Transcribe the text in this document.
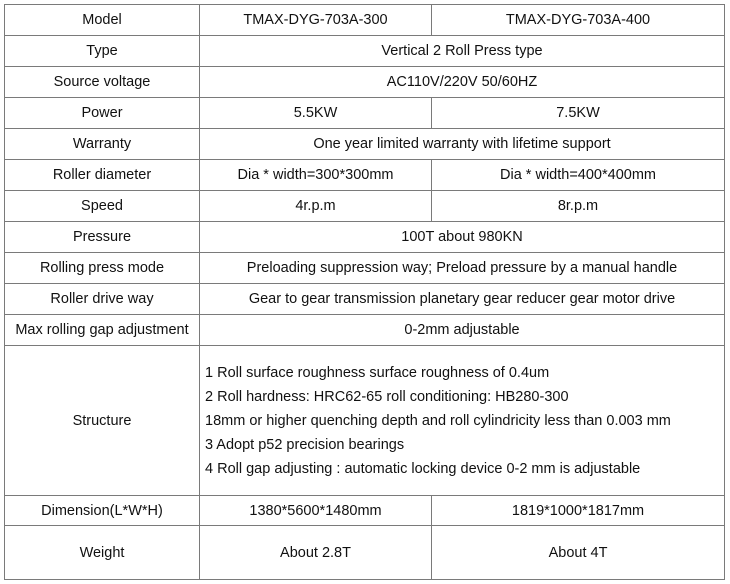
Model	TMAX-DYG-703A-300	TMAX-DYG-703A-400
Type	Vertical 2 Roll Press type	
Source voltage	AC110V/220V 50/60HZ	
Power	5.5KW	7.5KW
Warranty	One year limited warranty with lifetime support	
Roller diameter	Dia * width=300*300mm	Dia * width=400*400mm
Speed	4r.p.m	8r.p.m
Pressure	100T about 980KN	
Rolling press mode	Preloading suppression way; Preload pressure by a manual handle	
Roller drive way	Gear to gear transmission planetary gear reducer gear motor drive	
Max rolling gap adjustment	0-2mm adjustable	
Structure	1 Roll surface roughness surface roughness of 0.4um
2 Roll hardness: HRC62-65 roll conditioning: HB280-300
18mm or higher quenching depth and roll cylindricity less than 0.003 mm
3 Adopt p52 precision bearings
4 Roll gap adjusting : automatic locking device 0-2 mm is adjustable	

Dimension(L*W*H)	1380*5600*1480mm	1819*1000*1817mm
Weight	About 2.8T	About 4T
